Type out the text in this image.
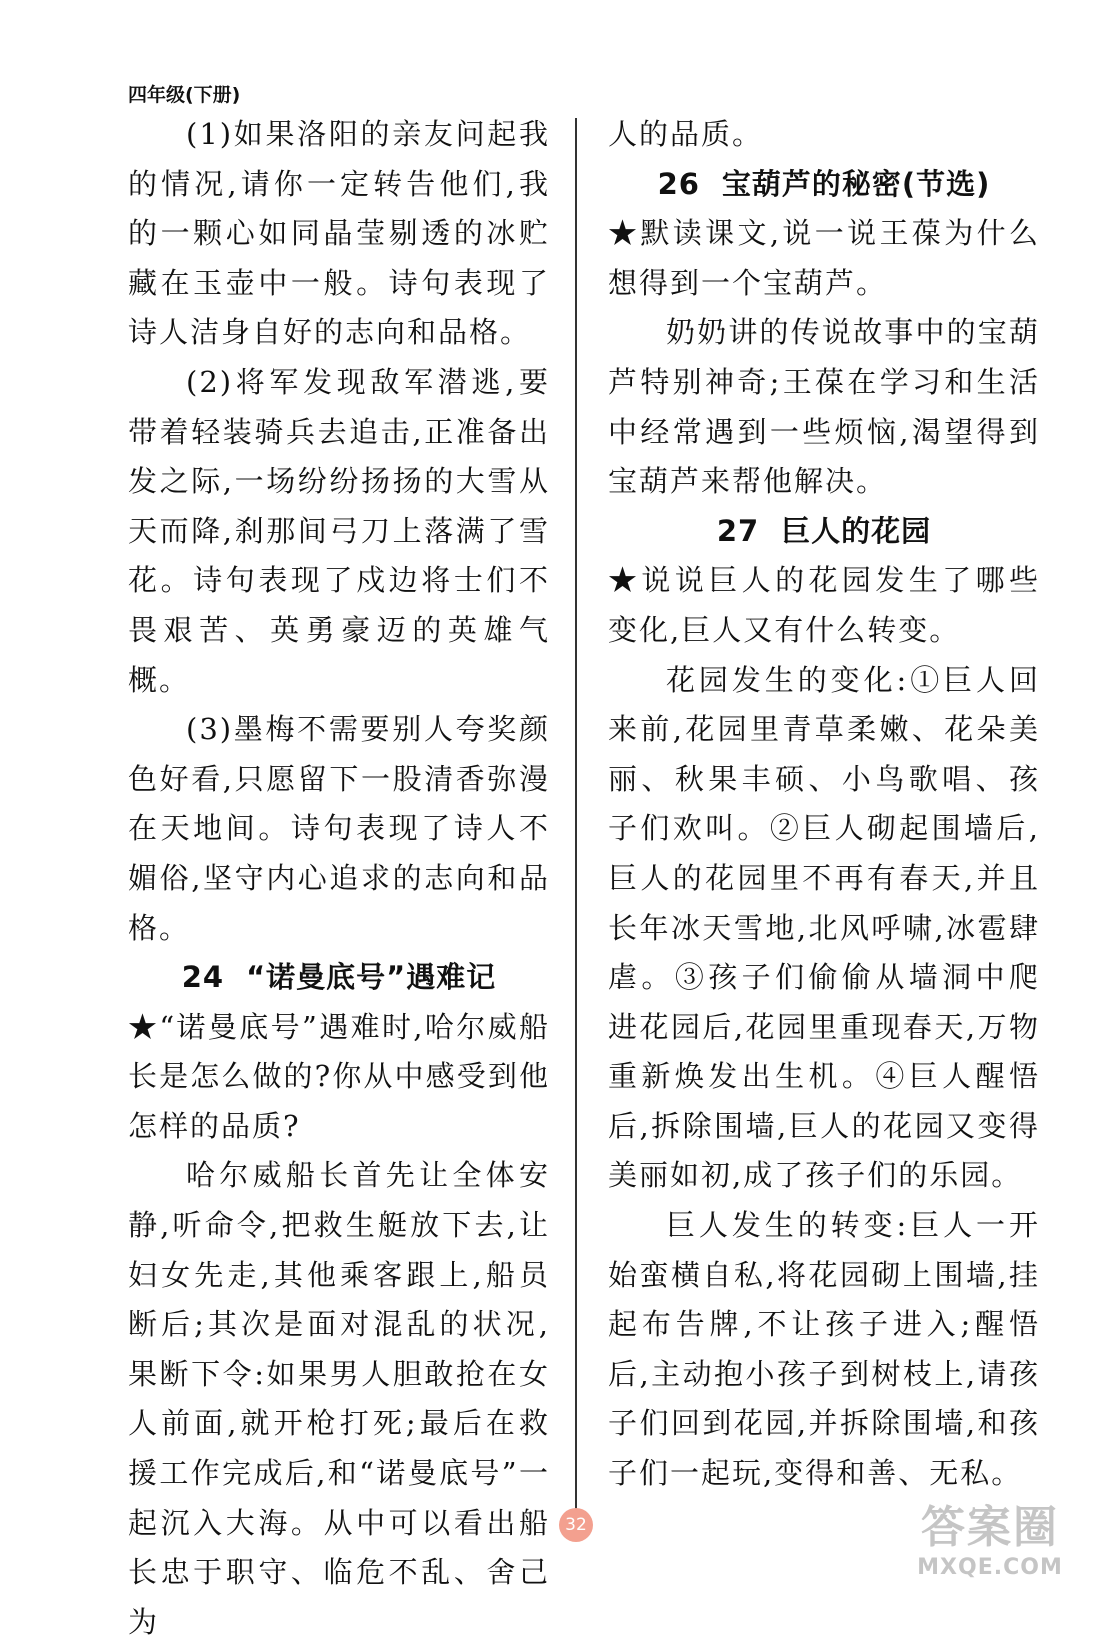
四年级(下册)

(1)如果洛阳的亲友问起我的情况,请你一定转告他们,我的一颗心如同晶莹剔透的冰贮藏在玉壶中一般。诗句表现了诗人洁身自好的志向和品格。

(2)将军发现敌军潜逃,要带着轻装骑兵去追击,正准备出发之际,一场纷纷扬扬的大雪从天而降,刹那间弓刀上落满了雪花。诗句表现了戍边将士们不畏艰苦、英勇豪迈的英雄气概。

(3)墨梅不需要别人夸奖颜色好看,只愿留下一股清香弥漫在天地间。诗句表现了诗人不媚俗,坚守内心追求的志向和品格。

24 “诺曼底号”遇难记

★“诺曼底号”遇难时,哈尔威船长是怎么做的?你从中感受到他怎样的品质?

哈尔威船长首先让全体安静,听命令,把救生艇放下去,让妇女先走,其他乘客跟上,船员断后;其次是面对混乱的状况,果断下令:如果男人胆敢抢在女人前面,就开枪打死;最后在救援工作完成后,和“诺曼底号”一起沉入大海。从中可以看出船长忠于职守、临危不乱、舍己为

人的品质。

26 宝葫芦的秘密(节选)

★默读课文,说一说王葆为什么想得到一个宝葫芦。

奶奶讲的传说故事中的宝葫芦特别神奇;王葆在学习和生活中经常遇到一些烦恼,渴望得到宝葫芦来帮他解决。

27 巨人的花园

★说说巨人的花园发生了哪些变化,巨人又有什么转变。

花园发生的变化:①巨人回来前,花园里青草柔嫩、花朵美丽、秋果丰硕、小鸟歌唱、孩子们欢叫。②巨人砌起围墙后,巨人的花园里不再有春天,并且长年冰天雪地,北风呼啸,冰雹肆虐。③孩子们偷偷从墙洞中爬进花园后,花园里重现春天,万物重新焕发出生机。④巨人醒悟后,拆除围墙,巨人的花园又变得美丽如初,成了孩子们的乐园。

巨人发生的转变:巨人一开始蛮横自私,将花园砌上围墙,挂起布告牌,不让孩子进入;醒悟后,主动抱小孩子到树枝上,请孩子们回到花园,并拆除围墙,和孩子们一起玩,变得和善、无私。

32	答案圈
MXQE.COM
